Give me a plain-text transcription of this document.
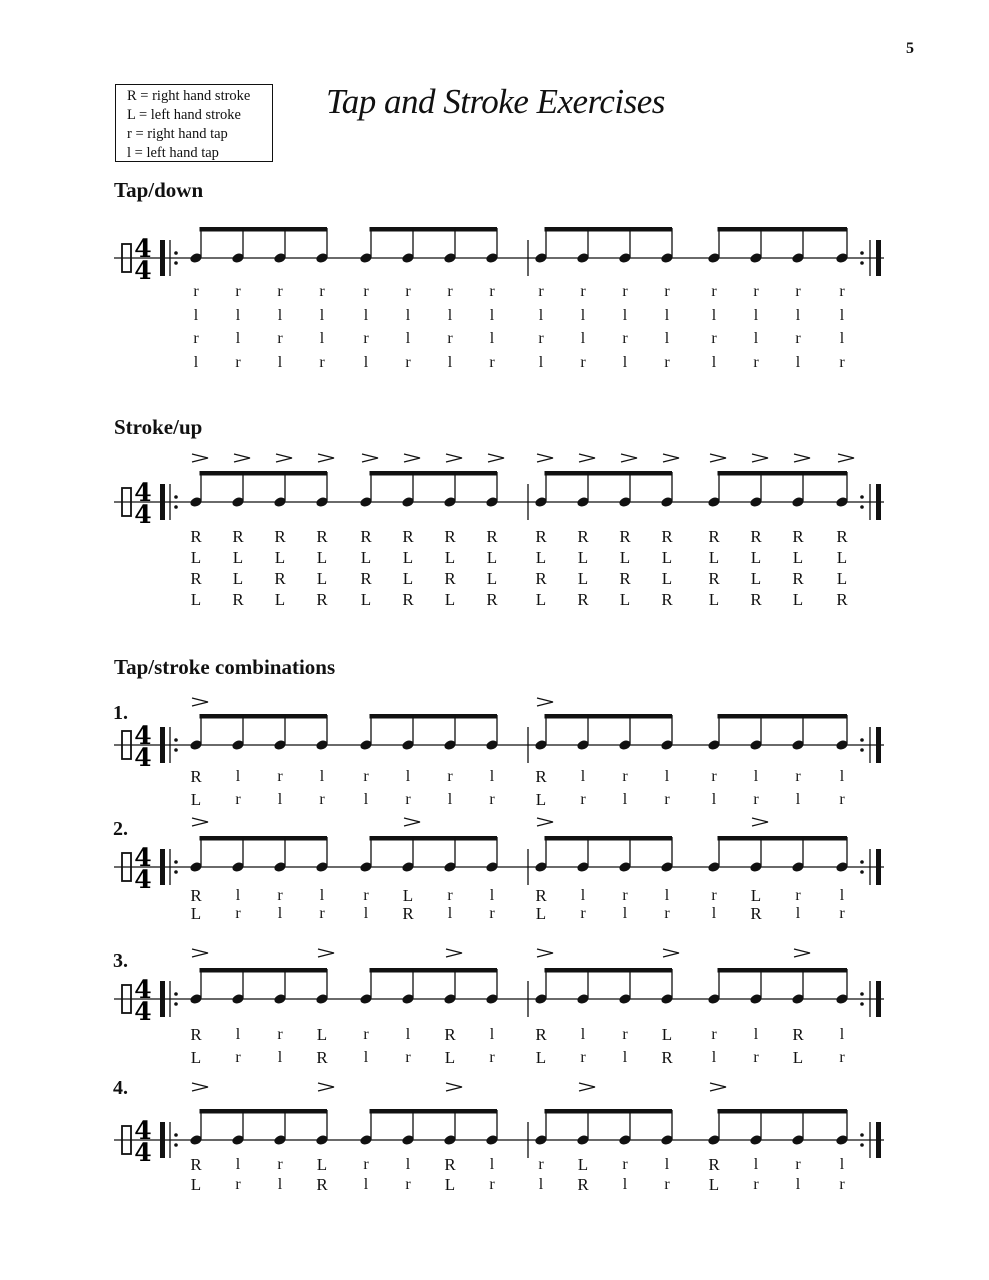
5
R = right hand stroke
L = left hand stroke
r = right hand tap
l = left hand tap
Tap and Stroke Exercises
Tap/down
Stroke/up
Tap/stroke combinations
1.
2.
3.
4.
4
4
4
4
4
4
4
4
4
4
4
4
r	r	r	r	r	r	r	r	r	r	r	r	r	r	r	r
l	l	l	l	l	l	l	l	l	l	l	l	l	l	l	l
r	l	r	l	r	l	r	l	r	l	r	l	r	l	r	l
l	r	l	r	l	r	l	r	l	r	l	r	l	r	l	r
R R R R R R R R R R R R R R R R
L L L L L L L L L L L L L L L L
R L R L R L R L R L R L R L R L
L R L R L R L R L R L R L R L R
R	l	r	l	r	l	r	l	R	l	r	l	r	l	r	l
L	r	l	r	l	r	l	r	L	r	l	r	l	r	l	r
R	l	r	l	r	L	r	l	R	l	r	l	r	L	r	l
L	r	l	r	l	R	l	r	L	r	l	r	l	R	l	r
R	l	r	L	r	l	R	l	R	l	r	L	r	l	R	l
L	r	l	R	l	r	L	r	L	r	l	R	l	r	L	r
R	l	r	L	r	l	R	l	r	L	r	l	R	l	r	l
L	r	l	R	l	r	L	r	l	R	l	r	L	r	l	r
